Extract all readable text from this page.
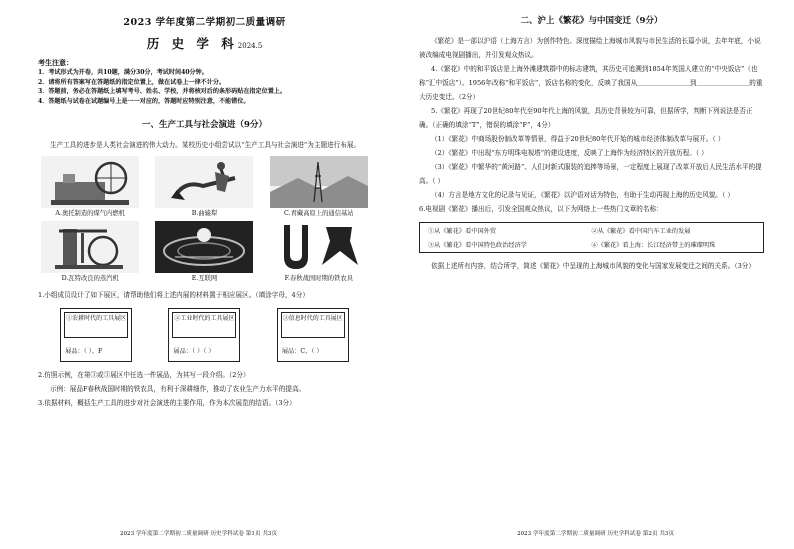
2023 学年度第二学期初二质量调研
历 史 学 科2024.5
考生注意：
1．考试形式为开卷，共10题，满分30分，考试时间40分钟。
2．请将所有答案写在答题纸的指定位置上，做在试卷上一律不计分。
3．答题前，务必在答题纸上填写考号、姓名、学校，并将核对后的条形码贴在指定位置上。
4．答题纸与试卷在试题编号上是一一对应的，答题时应特别注意，不能错位。
一、生产工具与社会演进（9分）

生产工具的进步是人类社会演进的伟大动力。某校历史小组尝试以“生产工具与社会演进”为主题进行布展。

A.奥托制造的煤气内燃机	B.曲辕犁	C.青藏高原上的通信基站
D.瓦特改良的蒸汽机	E.互联网	F.春秋战国时期的铁农具

1.小组成员设计了如下展区，请帮助他们将上述内展的材料置于相应展区。（填涂字母，4分）

①农耕时代的工具展区
展品：（ ）、F
②工业时代的工具展区
展品：（ ）（ ）
③信息时代的工具展区
展品：C、（ ）

2.仿照示例，在第③或③展区中任选一件展品，为其写一段介绍。（2分）

示例：展品F春秋战国时期的铁农具，有利于深耕细作，推动了农业生产力水平的提高。

3.依据材料，概括生产工具的进步对社会演进的主要作用，作为本次展览的结语。（3分）

2023 学年度第二学期初二质量调研 历史学科试卷 第1页 共3页
二、沪上《繁花》与中国变迁（9分）

《繁花》是一部以沪语（上海方言）为创作特色、深度描绘上海城市风貌与市民生活的长篇小说，去年年底，小说被改编成电视剧播出，并引发观众热议。

4.《繁花》中的和平饭店是上海外滩建筑群中的标志建筑，其历史可追溯到1854年英国人建立的“中央饭店”（也称“汇中饭店”）。1956年改称“和平饭店”，饭店名称的变化，反映了我国从＿＿＿＿＿＿＿＿到＿＿＿＿＿＿＿＿的重大历史变迁。（2分）

5.《繁花》再现了20世纪80年代至90年代上海的风貌，具历史背景较为可靠，但据所学，判断下列说法是否正确。（正确的填涂“T”，错误的填涂“F”，4分）

（1）《繁花》中商场股份制改革等情景，得益于20世纪80年代开始的城市经济体制改革与展开。（ ）

（2）《繁花》中出现“东方明珠电视塔”的建设进度，反映了上海作为经济特区的开放历程。（ ）

（3）《繁花》中繁华的“黄河路”、人们对新式服装的追捧等场景，一定程度上展现了改革开放后人民生活水平的提高。（ ）

（4）方言是地方文化的记录与见证，《繁花》以沪语对话为特色，有助于生动再现上海的历史风貌。（ ）

6.电视剧《繁花》播出后，引发全国观众热议，以下为网络上一些热门文章的名称：

①从《繁花》看中国外贸	②从《繁花》看中国汽车工业的发展
③从《繁花》看中国特色政治经济学	④《繁花》看上海：长江经济带上的璀璨明珠

依据上述所有内容，结合所学，简述《繁花》中呈现的上海城市风貌的变化与国家发展变迁之间的关系。（3分）

2023 学年度第二学期初二质量调研 历史学科试卷 第2页 共3页
